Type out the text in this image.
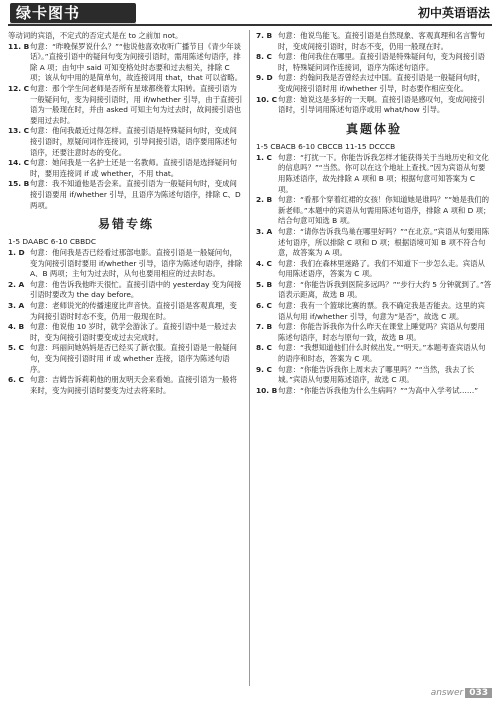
绿卡图书	初中英语语法
等动词的宾语，不定式的否定式是在 to 之前加 not。
11. B 句意：“昨晚保罗说什么？”“他说他喜欢收听广播节目《青少年谈话》。”直接引语中的疑问句变为间接引语时，需用陈述句语序，排除 A 项；由句中 said 可知变格处时态要和过去相关，排除 C 项；该从句中用的是简单句，故连接词用 that，that 可以省略。
12. C 句意：那个学生问老师是否所有星球都绕着太阳转。直接引语为一般疑问句，变为间接引语时，用 if/whether 引导，由于直接引语为一般现在时，并由 asked 可知主句为过去时，故间接引语也要用过去时。
13. C 句意：他问我最近过得怎样。直接引语是特殊疑问句时，变成间接引语时，原疑问词作连接词，引导间接引语，语序要用陈述句语序，还要注意时态的变化。
14. C 句意：她问我是一名护士还是一名教师。直接引语是选择疑问句时，要用连接词 if 或 whether，不用 that。
15. B 句意：我不知道他是否会来。直接引语为一般疑问句时，变成间接引语要用 if/whether 引导，且语序为陈述句语序，排除 C、D 两项。
易错专练
1-5 DAABC 6-10 CBBDC
1. D 句意：他问我是否已经看过那部电影。直接引语是一般疑问句，变为间接引语时要用 if/whether 引导，语序为陈述句语序，排除 A、B 两项；主句为过去时，从句也要用相应的过去时态。
2. A 句意：他告诉我他昨天很忙。直接引语中的 yesterday 变为间接引语时要改为 the day before。
3. A 句意：老师说光的传播速度比声音快。直接引语是客观真理，变为间接引语时时态不变，仍用一般现在时。
4. B 句意：他说他 10 岁时，就学会游泳了。直接引语中是一般过去时，变为间接引语时要变成过去完成时。
5. C 句意：玛丽问她妈妈是否已经买了新衣服。直接引语是一般疑问句，变为间接引语时用 if 或 whether 连接，语序为陈述句语序。
6. C 句意：吉姆告诉莉莉他的朋友明天会来看她。直接引语为一般将来时，变为间接引语时要变为过去将来时。
7. B 句意：他说鸟能飞。直接引语是自然现象、客观真理和名言警句时，变成间接引语时，时态不变，仍用一般现在时。
8. C 句意：他问我住在哪里。直接引语是特殊疑问句，变为间接引语时，特殊疑问词作连接词，语序为陈述句语序。
9. D 句意：约翰问我是否曾经去过中国。直接引语是一般疑问句时，变成间接引语时用 if/whether 引导，时态要作相应变化。
10. C 句意：她说这是多好的一天啊。直接引语是感叹句，变成间接引语时，引导词用陈述句语序或用 what/how 引导。
真题体验
1-5 CBACB 6-10 CBCCB 11-15 DCCCB
1. C 句意：“打扰一下。你能告诉我怎样才能获得关于当地历史和文化的信息吗？”“当然。你可以在这个地址上查找。”因为宾语从句要用陈述语序，故先排除 A 项和 B 项；根据句意可知答案为 C 项。
2. B 句意：“看那个穿着红裙的女孩！你知道她是谁吗？”“她是我们的新老师。”本题中的宾语从句需用陈述句语序，排除 A 项和 D 项；结合句意可知选 B 项。
3. A 句意：“请你告诉我鸟巢在哪里好吗？”“在北京。”宾语从句要用陈述句语序，所以排除 C 项和 D 项；根据语境可知 B 项不符合句意，故答案为 A 项。
4. C 句意：我们在森林里迷路了。我们不知道下一步怎么走。宾语从句用陈述语序，答案为 C 项。
5. B 句意：“你能告诉我到医院多远吗？”“步行大约 5 分钟就到了。”答语表示距离，故选 B 项。
6. C 句意：我有一个篮球比赛的票。我不确定我是否能去。这里的宾语从句用 if/whether 引导，句意为“是否”，故选 C 项。
7. B 句意：你能告诉我你为什么昨天在课堂上睡觉吗？宾语从句要用陈述句语序，时态与原句一致，故选 B 项。
8. C 句意：“我想知道他们什么时候出发。”“明天。”本题考查宾语从句的语序和时态，答案为 C 项。
9. C 句意：“你能告诉我你上周末去了哪里吗？”“当然，我去了长城。”宾语从句要用陈述语序，故选 C 项。
10. B 句意：“你能告诉我他为什么生病吗？”“为高中入学考试……”
answer 033
